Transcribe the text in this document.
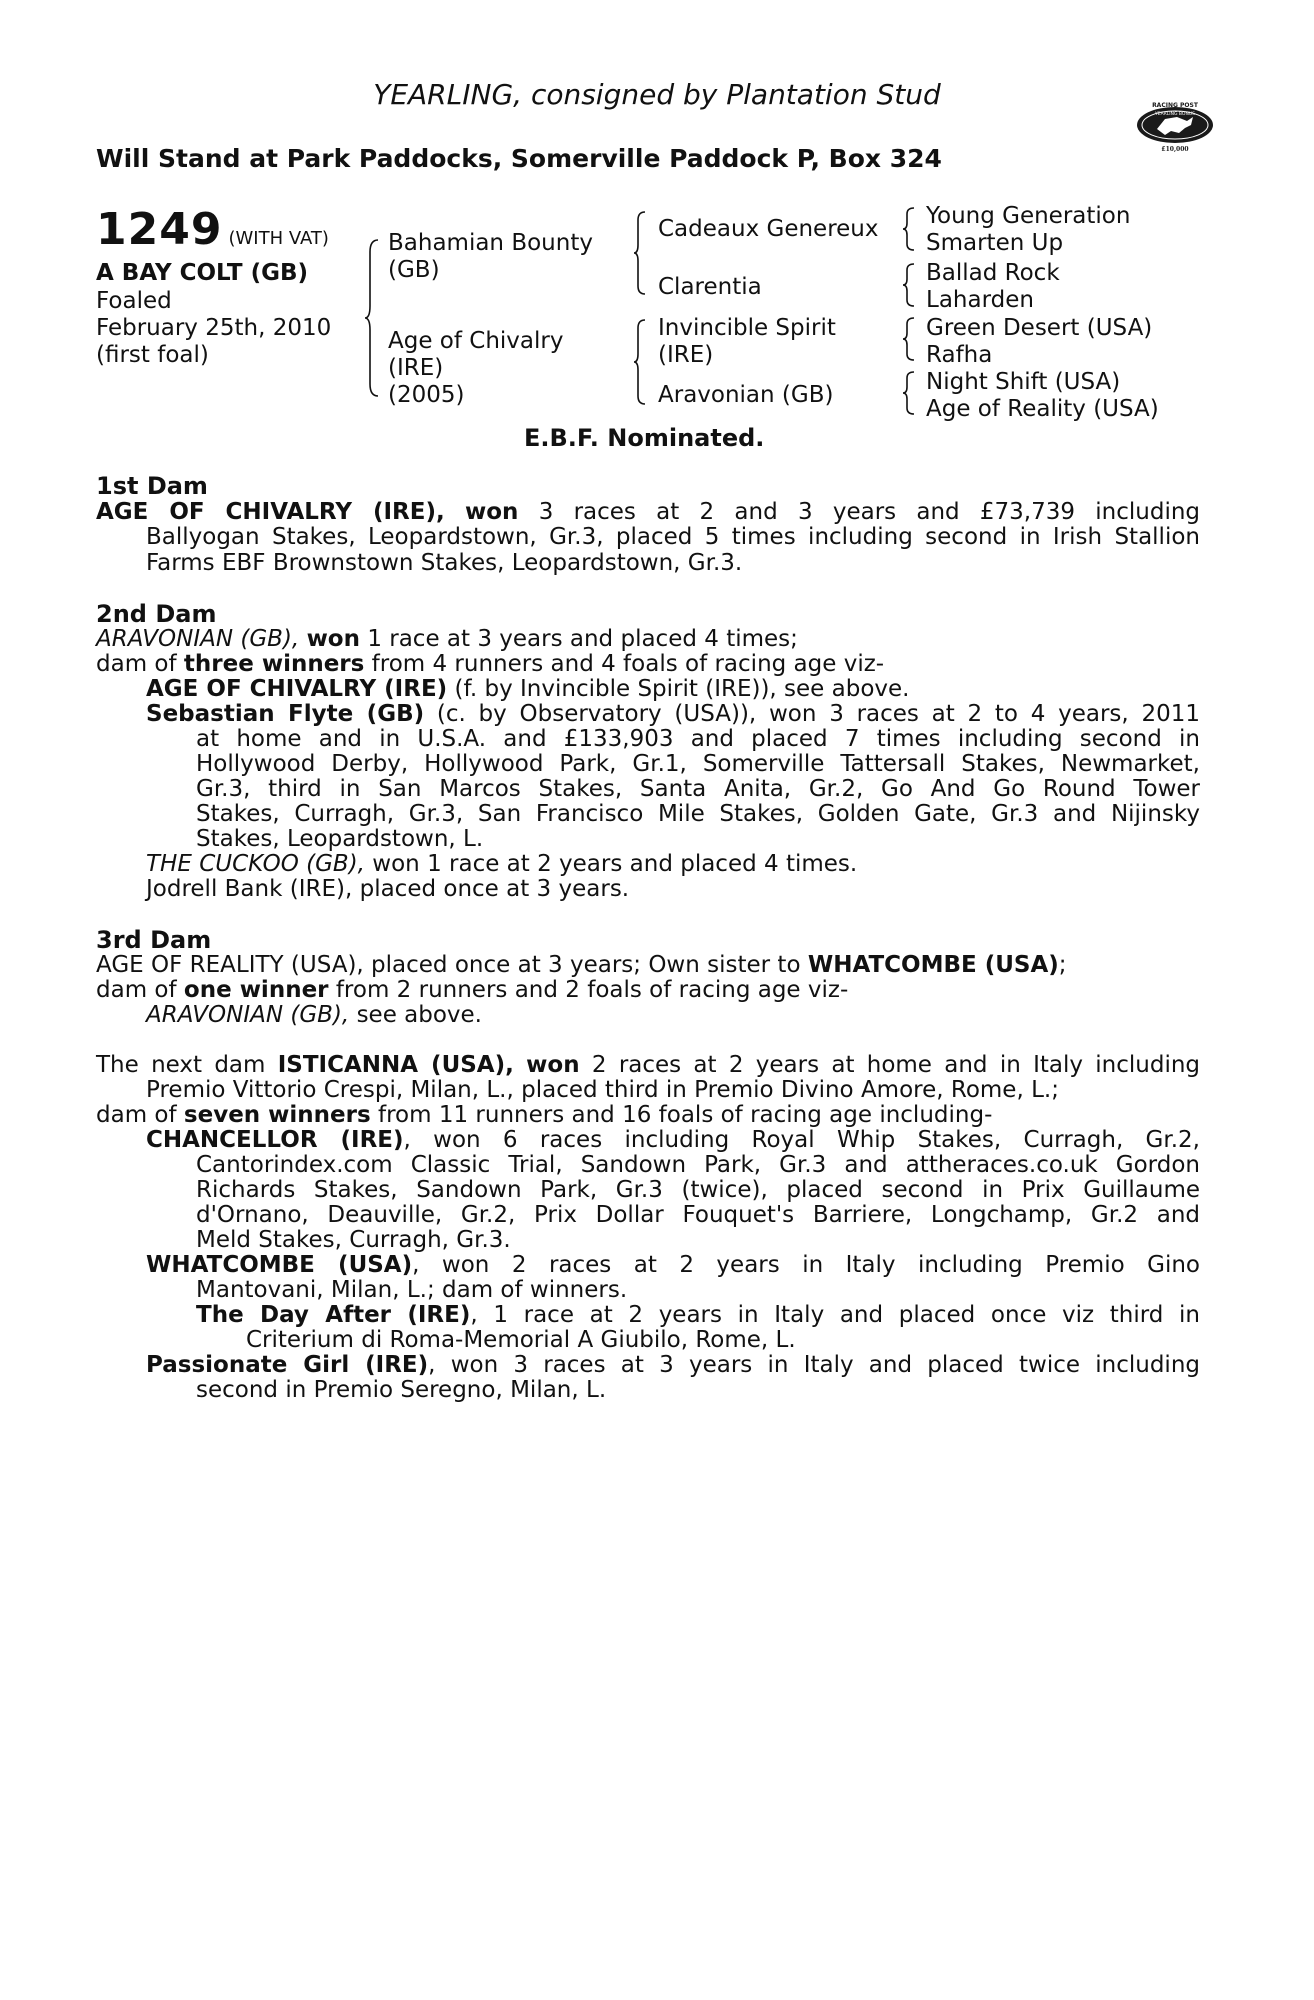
YEARLING, consigned by Plantation Stud
Will Stand at Park Paddocks, Somerville Paddock P, Box 324
RACING POST
YEARLING BONUS
£10,000
1249 (WITH VAT)
A BAY COLT (GB)
Foaled
February 25th, 2010
(first foal)
Bahamian Bounty
(GB)
Age of Chivalry
(IRE)
(2005)
Cadeaux Genereux
Clarentia
Invincible Spirit
(IRE)
Aravonian (GB)
Young Generation
Smarten Up
Ballad Rock
Laharden
Green Desert (USA)
Rafha
Night Shift (USA)
Age of Reality (USA)
E.B.F. Nominated.
1st Dam
AGE OF CHIVALRY (IRE), won 3 races at 2 and 3 years and £73,739 including
Ballyogan Stakes, Leopardstown, Gr.3, placed 5 times including second in Irish Stallion
Farms EBF Brownstown Stakes, Leopardstown, Gr.3.
2nd Dam
ARAVONIAN (GB), won 1 race at 3 years and placed 4 times;
dam of three winners from 4 runners and 4 foals of racing age viz-
AGE OF CHIVALRY (IRE) (f. by Invincible Spirit (IRE)), see above.
Sebastian Flyte (GB) (c. by Observatory (USA)), won 3 races at 2 to 4 years, 2011
at home and in U.S.A. and £133,903 and placed 7 times including second in
Hollywood Derby, Hollywood Park, Gr.1, Somerville Tattersall Stakes, Newmarket,
Gr.3, third in San Marcos Stakes, Santa Anita, Gr.2, Go And Go Round Tower
Stakes, Curragh, Gr.3, San Francisco Mile Stakes, Golden Gate, Gr.3 and Nijinsky
Stakes, Leopardstown, L.
THE CUCKOO (GB), won 1 race at 2 years and placed 4 times.
Jodrell Bank (IRE), placed once at 3 years.
3rd Dam
AGE OF REALITY (USA), placed once at 3 years; Own sister to WHATCOMBE (USA);
dam of one winner from 2 runners and 2 foals of racing age viz-
ARAVONIAN (GB), see above.
The next dam ISTICANNA (USA), won 2 races at 2 years at home and in Italy including
Premio Vittorio Crespi, Milan, L., placed third in Premio Divino Amore, Rome, L.;
dam of seven winners from 11 runners and 16 foals of racing age including-
CHANCELLOR (IRE), won 6 races including Royal Whip Stakes, Curragh, Gr.2,
Cantorindex.com Classic Trial, Sandown Park, Gr.3 and attheraces.co.uk Gordon
Richards Stakes, Sandown Park, Gr.3 (twice), placed second in Prix Guillaume
d'Ornano, Deauville, Gr.2, Prix Dollar Fouquet's Barriere, Longchamp, Gr.2 and
Meld Stakes, Curragh, Gr.3.
WHATCOMBE (USA), won 2 races at 2 years in Italy including Premio Gino
Mantovani, Milan, L.; dam of winners.
The Day After (IRE), 1 race at 2 years in Italy and placed once viz third in
Criterium di Roma-Memorial A Giubilo, Rome, L.
Passionate Girl (IRE), won 3 races at 3 years in Italy and placed twice including
second in Premio Seregno, Milan, L.
